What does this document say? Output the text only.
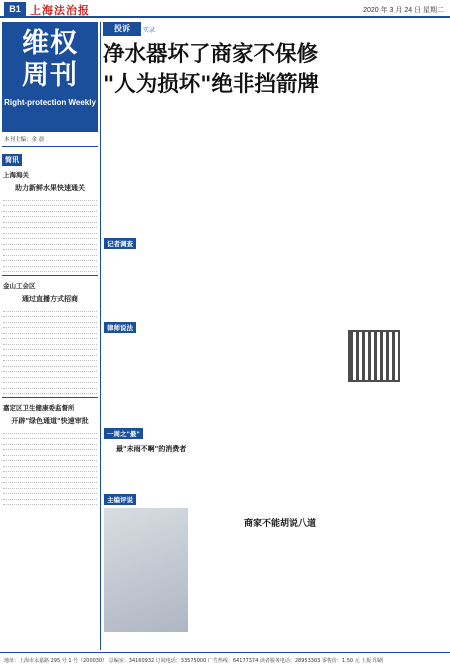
B1 上海法治报	2020 年 3 月 24 日 星期二
维权
周刊
Right-protection Weekly
本刊主编：金 晨
简讯
上海海关
助力新鲜水果快速通关
金山工会区
通过直播方式招商
嘉定区卫生健康委监督所
开辟"绿色通道"快速审批
投诉	实录
净水器坏了商家不保修
"人为损坏"绝非挡箭牌
记者调查
律师说法
一周之"最"
最"未雨不啊"的消费者
主编评说
商家不能胡说八道
地址：上海市永嘉路 295 号 1 号（200030） 总编室：34160932 订阅电话：33575000 广告热线：64177374 读者服务电话：28953303 零售价：1.50 元 上报 印刷
